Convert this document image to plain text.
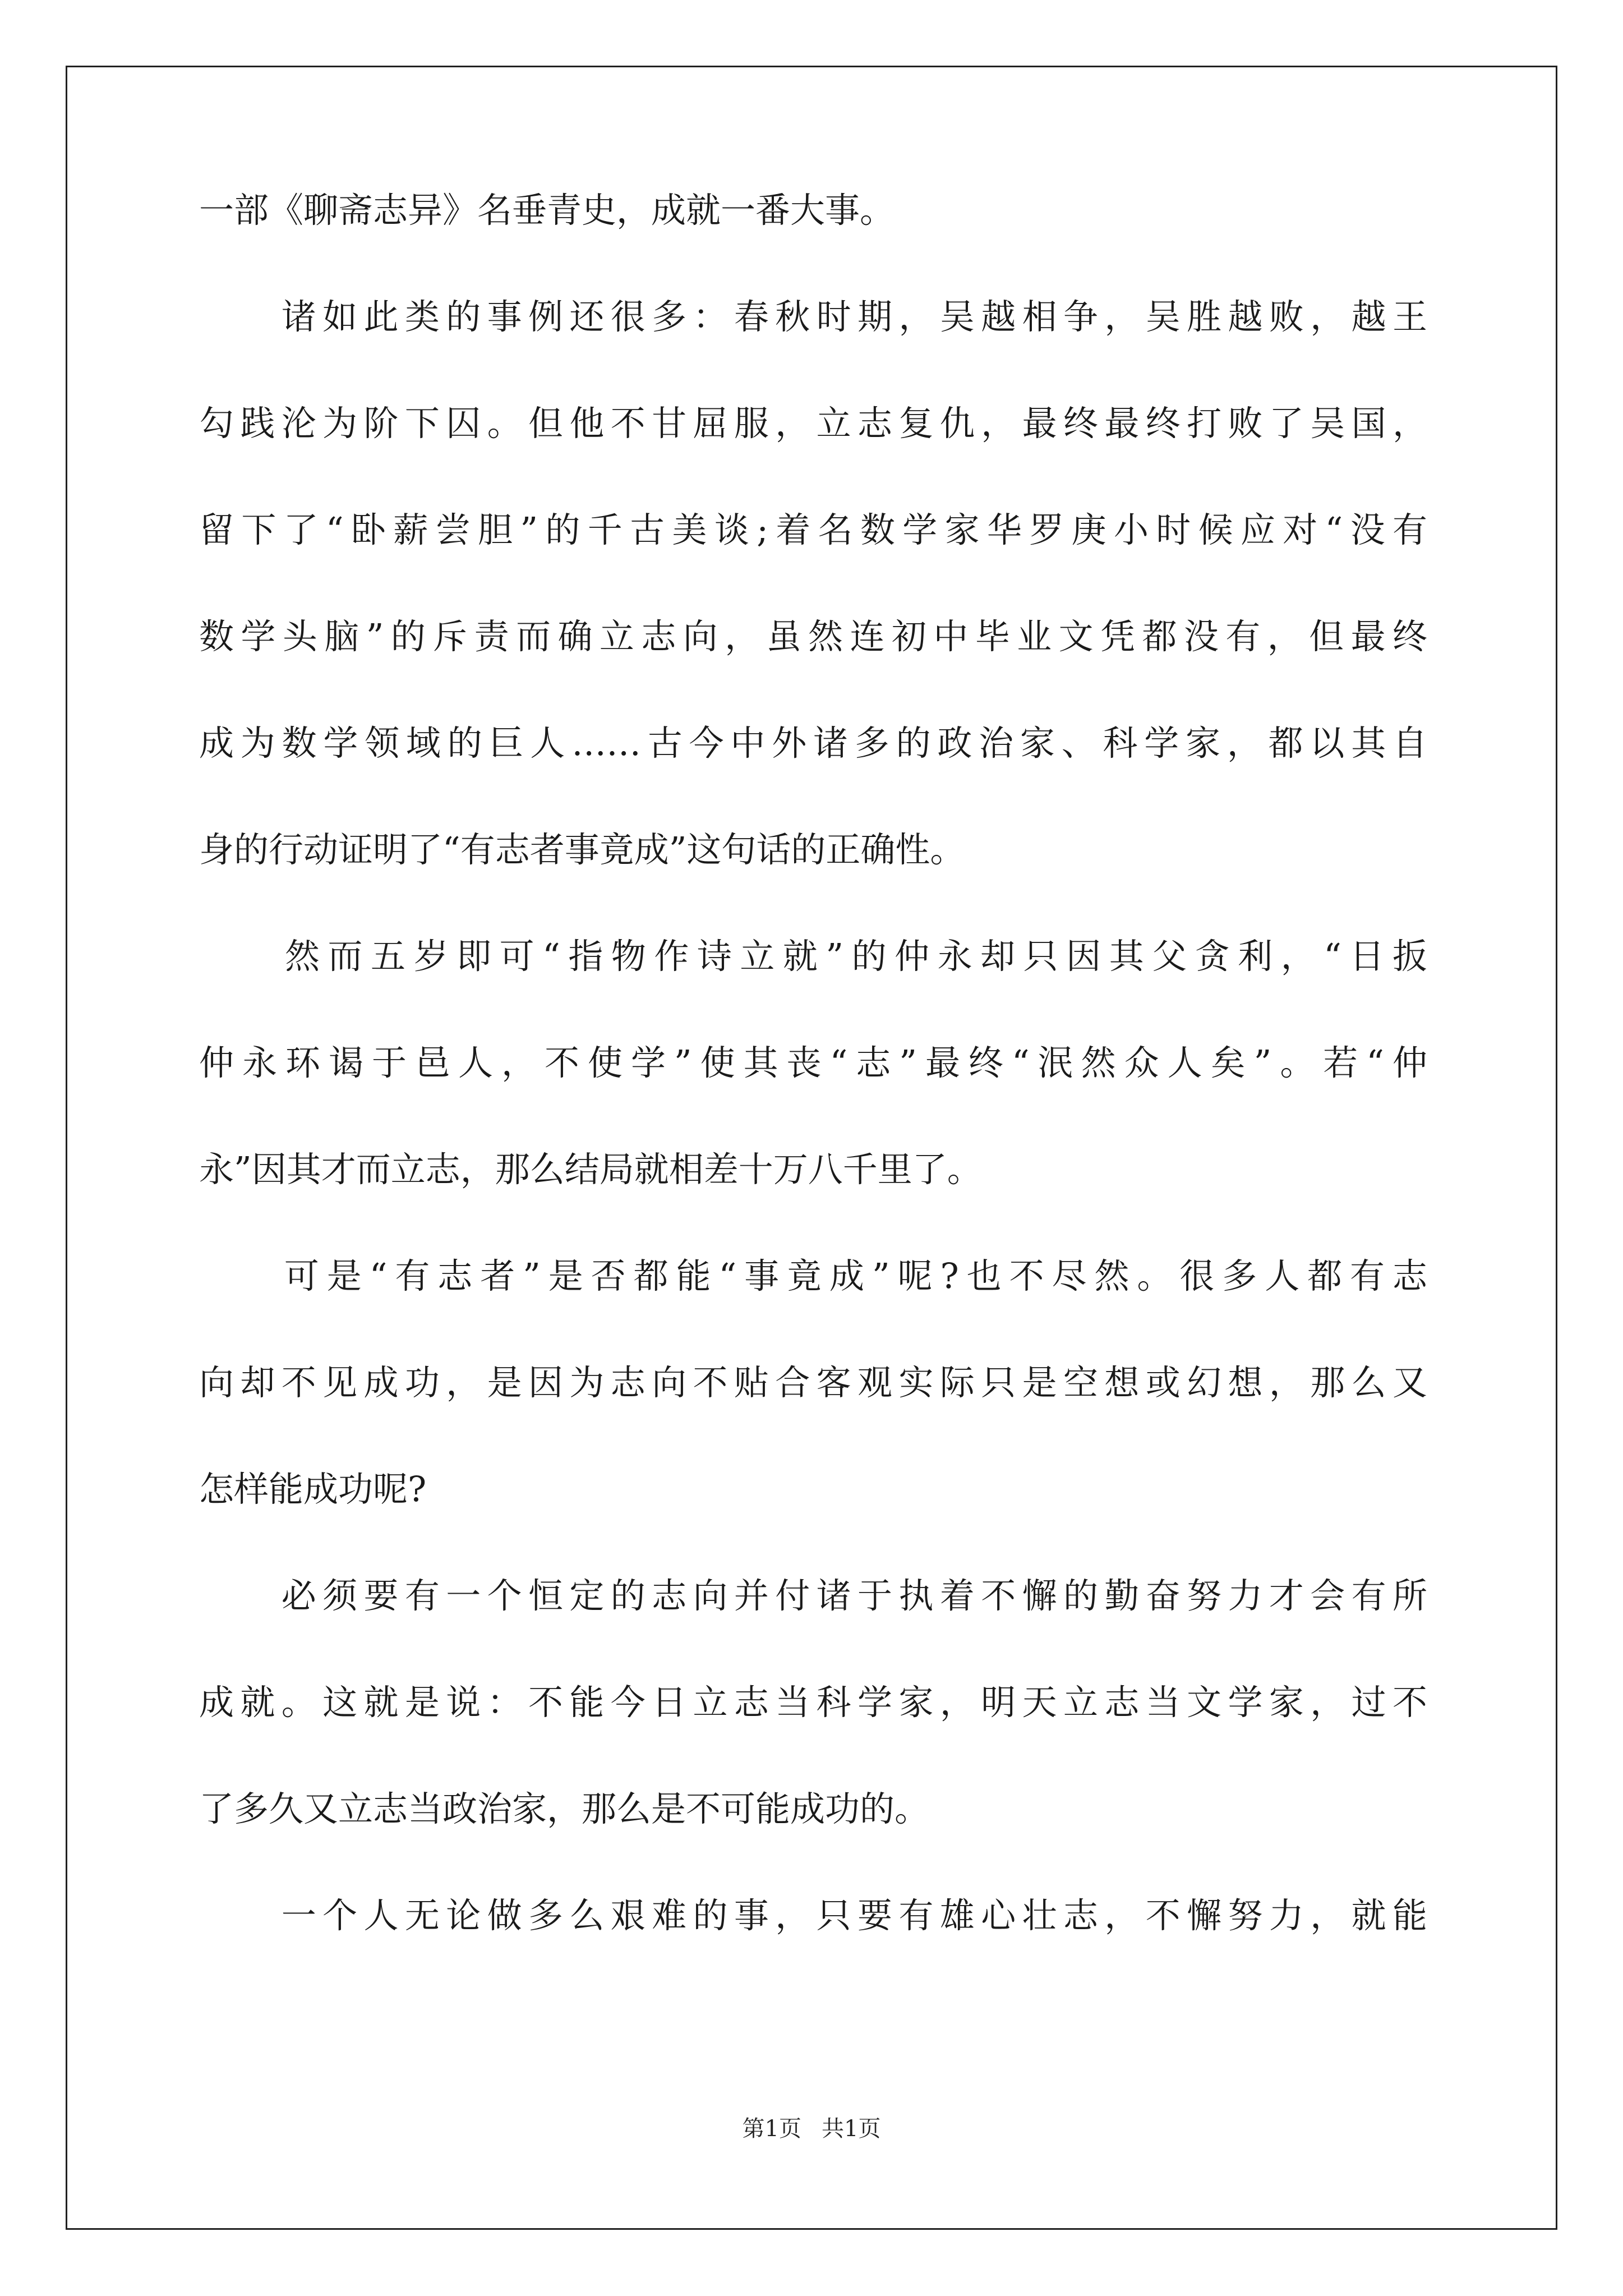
一部《聊斋志异》名垂青史，成就一番大事。
　　诸如此类的事例还很多：春秋时期，吴越相争，吴胜越败，越王
勾践沦为阶下囚。但他不甘屈服，立志复仇，最终最终打败了吴国，
留下了“卧薪尝胆”的千古美谈;着名数学家华罗庚小时候应对“没有
数学头脑”的斥责而确立志向，虽然连初中毕业文凭都没有，但最终
成为数学领域的巨人……古今中外诸多的政治家、科学家，都以其自
身的行动证明了“有志者事竟成”这句话的正确性。
　　然而五岁即可“指物作诗立就”的仲永却只因其父贪利，“日扳
仲永环谒于邑人，不使学”使其丧“志”最终“泯然众人矣”。若“仲
永”因其才而立志，那么结局就相差十万八千里了。
　　可是“有志者”是否都能“事竟成”呢?也不尽然。很多人都有志
向却不见成功，是因为志向不贴合客观实际只是空想或幻想，那么又
怎样能成功呢?
　　必须要有一个恒定的志向并付诸于执着不懈的勤奋努力才会有所
成就。这就是说：不能今日立志当科学家，明天立志当文学家，过不
了多久又立志当政治家，那么是不可能成功的。
　　一个人无论做多么艰难的事，只要有雄心壮志，不懈努力，就能
第1页 共1页
